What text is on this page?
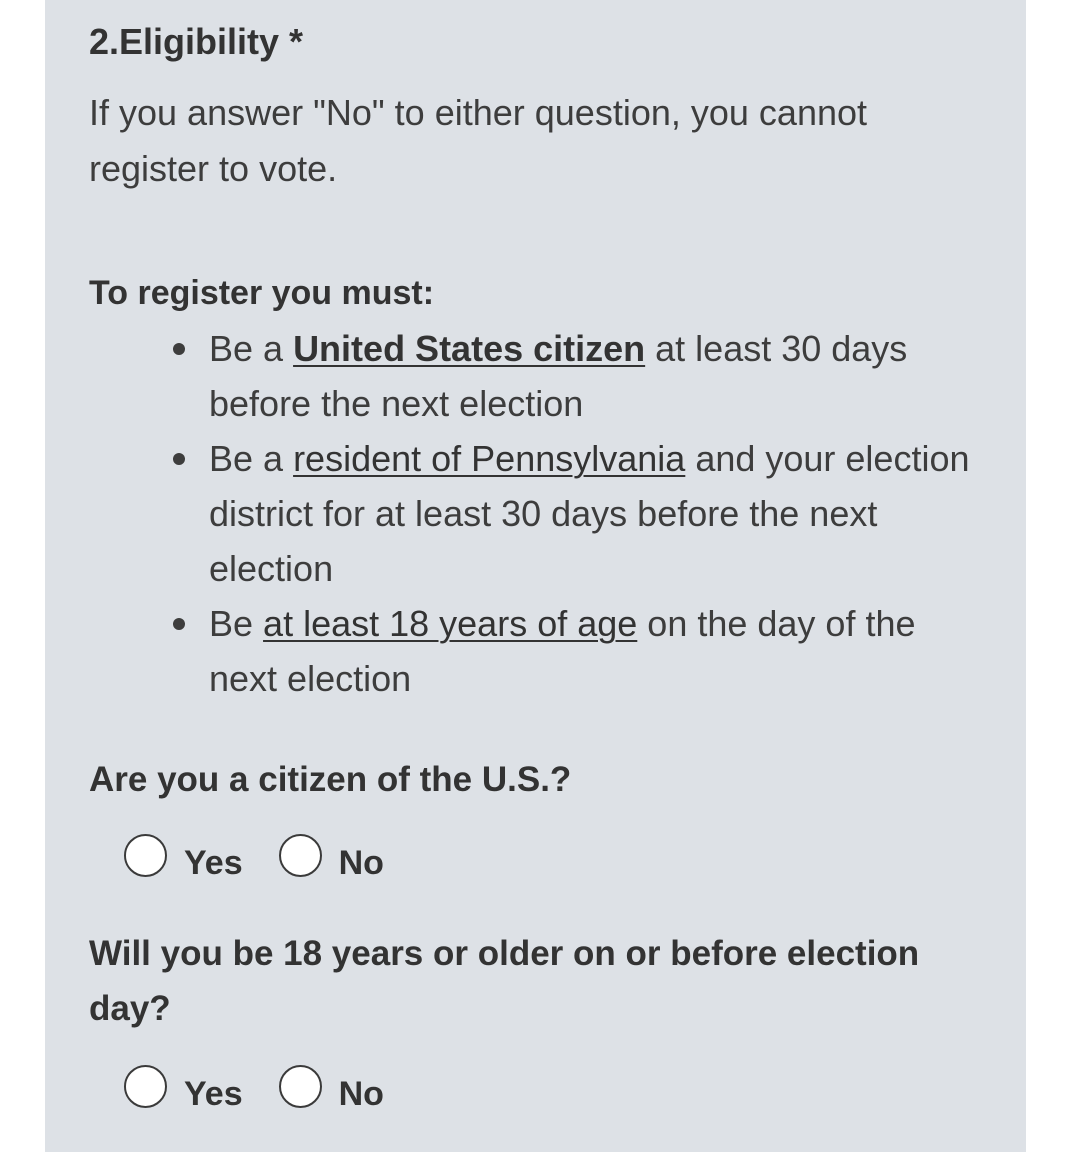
2.Eligibility *

If you answer "No" to either question, you cannot register to vote.

To register you must:

Be a United States citizen at least 30 days before the next election
Be a resident of Pennsylvania and your election district for at least 30 days before the next election
Be at least 18 years of age on the day of the next election

Are you a citizen of the U.S.?

Yes	No

Will you be 18 years or older on or before election day?

Yes	No
